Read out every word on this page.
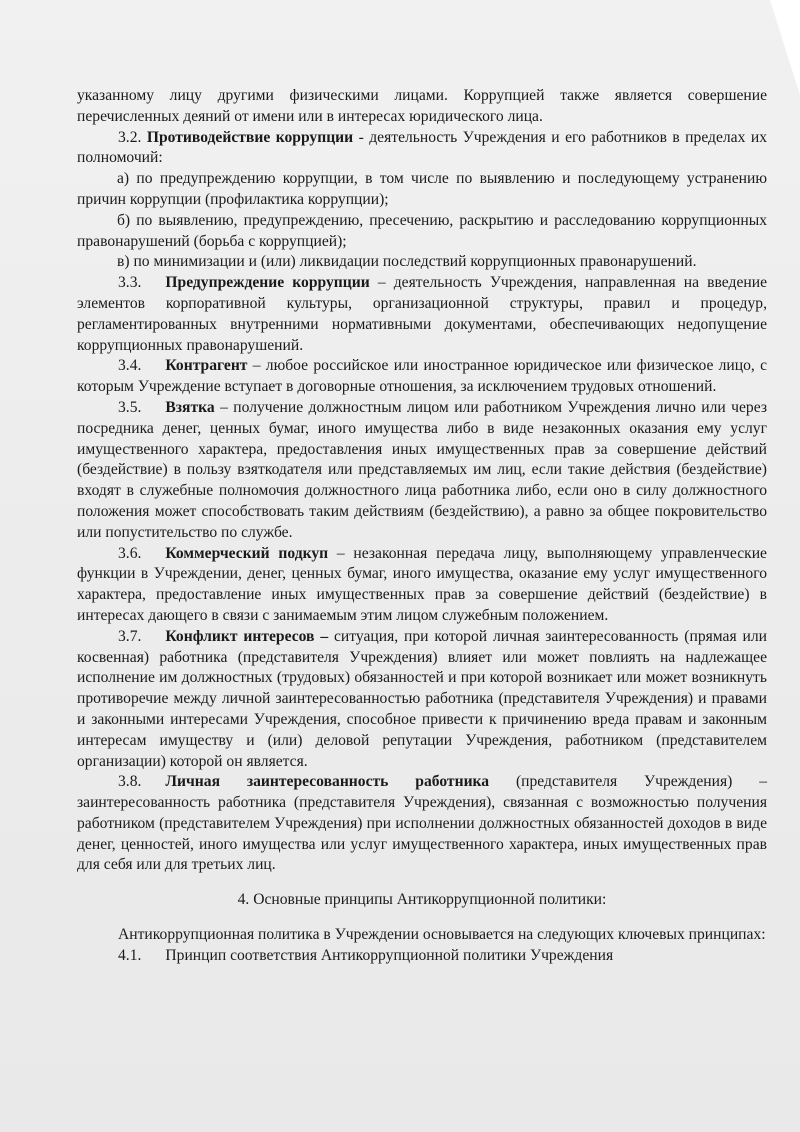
указанному лицу другими физическими лицами. Коррупцией также является совершение перечисленных деяний от имени или в интересах юридического лица.

3.2. Противодействие коррупции - деятельность Учреждения и его работников в пределах их полномочий:

а) по предупреждению коррупции, в том числе по выявлению и последующему устранению причин коррупции (профилактика коррупции);

б) по выявлению, предупреждению, пресечению, раскрытию и расследованию коррупционных правонарушений (борьба с коррупцией);

в) по минимизации и (или) ликвидации последствий коррупционных правонарушений.

3.3. Предупреждение коррупции – деятельность Учреждения, направленная на введение элементов корпоративной культуры, организационной структуры, правил и процедур, регламентированных внутренними нормативными документами, обеспечивающих недопущение коррупционных правонарушений.

3.4. Контрагент – любое российское или иностранное юридическое или физическое лицо, с которым Учреждение вступает в договорные отношения, за исключением трудовых отношений.

3.5. Взятка – получение должностным лицом или работником Учреждения лично или через посредника денег, ценных бумаг, иного имущества либо в виде незаконных оказания ему услуг имущественного характера, предоставления иных имущественных прав за совершение действий (бездействие) в пользу взяткодателя или представляемых им лиц, если такие действия (бездействие) входят в служебные полномочия должностного лица работника либо, если оно в силу должностного положения может способствовать таким действиям (бездействию), а равно за общее покровительство или попустительство по службе.

3.6. Коммерческий подкуп – незаконная передача лицу, выполняющему управленческие функции в Учреждении, денег, ценных бумаг, иного имущества, оказание ему услуг имущественного характера, предоставление иных имущественных прав за совершение действий (бездействие) в интересах дающего в связи с занимаемым этим лицом служебным положением.

3.7. Конфликт интересов – ситуация, при которой личная заинтересованность (прямая или косвенная) работника (представителя Учреждения) влияет или может повлиять на надлежащее исполнение им должностных (трудовых) обязанностей и при которой возникает или может возникнуть противоречие между личной заинтересованностью работника (представителя Учреждения) и правами и законными интересами Учреждения, способное привести к причинению вреда правам и законным интересам имуществу и (или) деловой репутации Учреждения, работником (представителем организации) которой он является.

3.8. Личная заинтересованность работника (представителя Учреждения) – заинтересованность работника (представителя Учреждения), связанная с возможностью получения работником (представителем Учреждения) при исполнении должностных обязанностей доходов в виде денег, ценностей, иного имущества или услуг имущественного характера, иных имущественных прав для себя или для третьих лиц.

4. Основные принципы Антикоррупционной политики:

Антикоррупционная политика в Учреждении основывается на следующих ключевых принципах:

4.1. Принцип соответствия Антикоррупционной политики Учреждения
